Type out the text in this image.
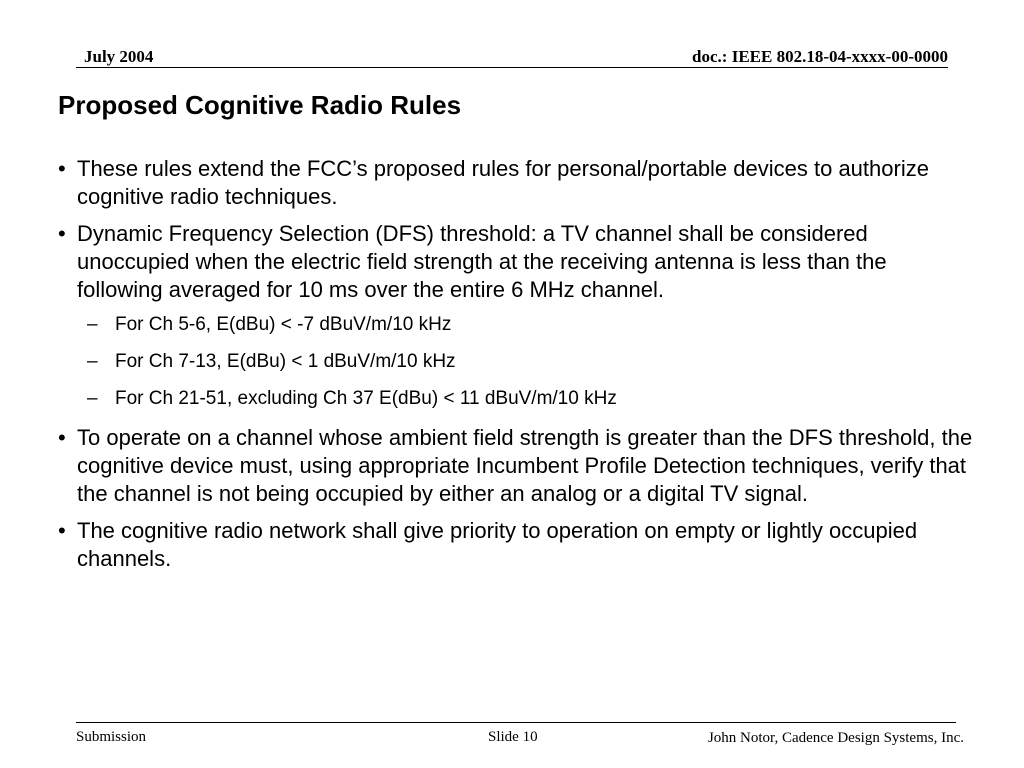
July 2004	doc.: IEEE 802.18-04-xxxx-00-0000
Proposed Cognitive Radio Rules
• These rules extend the FCC’s proposed rules for personal/portable devices to authorize cognitive radio techniques.
• Dynamic Frequency Selection (DFS) threshold: a TV channel shall be considered unoccupied when the electric field strength at the receiving antenna is less than the following averaged for 10 ms over the entire 6 MHz channel.
– For Ch 5-6, E(dBu) < -7 dBuV/m/10 kHz
– For Ch 7-13, E(dBu) < 1 dBuV/m/10 kHz
– For Ch 21-51, excluding Ch 37 E(dBu) < 11 dBuV/m/10 kHz
• To operate on a channel whose ambient field strength is greater than the DFS threshold, the cognitive device must, using appropriate Incumbent Profile Detection techniques, verify that the channel is not being occupied by either an analog or a digital TV signal.
• The cognitive radio network shall give priority to operation on empty or lightly occupied channels.
Submission	Slide 10	John Notor, Cadence Design Systems, Inc.
